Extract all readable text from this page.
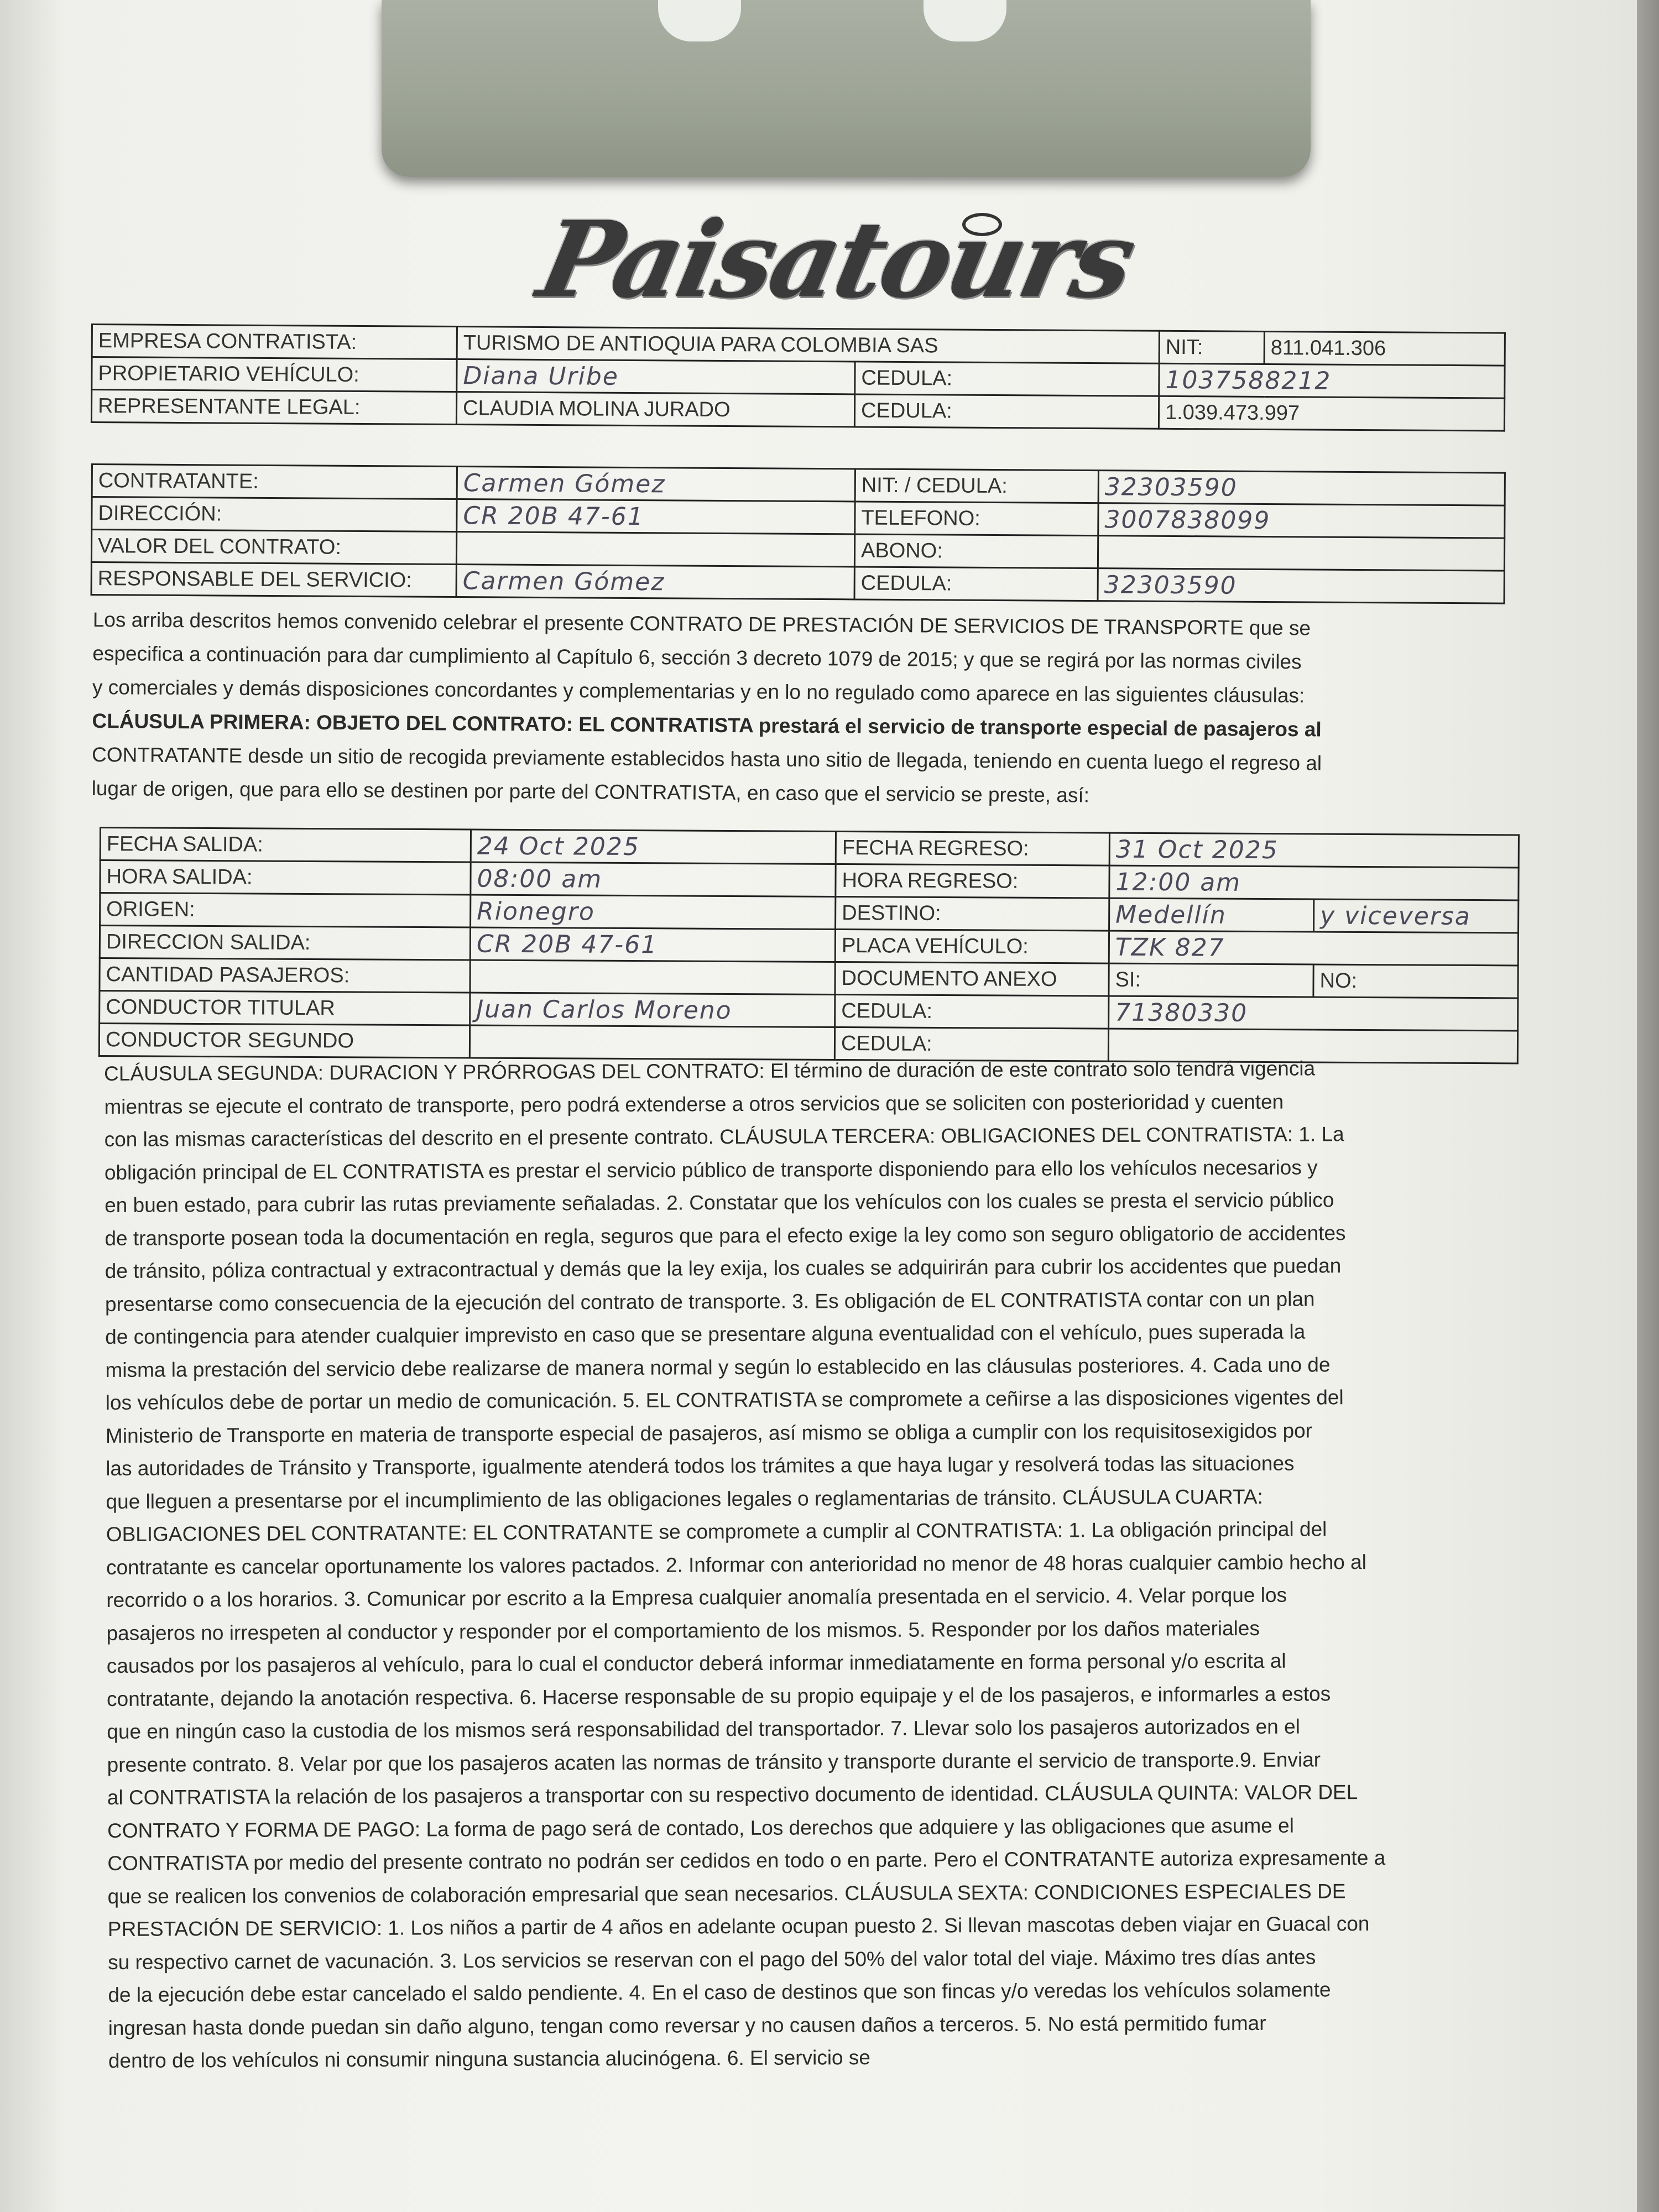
Paisatours
EMPRESA CONTRATISTA:	TURISMO DE ANTIOQUIA PARA COLOMBIA SAS		NIT:	811.041.306
PROPIETARIO VEHÍCULO:	Diana Uribe	CEDULA:	1037588212	
REPRESENTANTE LEGAL:	CLAUDIA MOLINA JURADO	CEDULA:	1.039.473.997	
CONTRATANTE:	Carmen Gómez	NIT: / CEDULA:	32303590
DIRECCIÓN:	CR 20B 47-61	TELEFONO:	3007838099
VALOR DEL CONTRATO:		ABONO:	
RESPONSABLE DEL SERVICIO:	Carmen Gómez	CEDULA:	32303590
Los arriba descritos hemos convenido celebrar el presente CONTRATO DE PRESTACIÓN DE SERVICIOS DE TRANSPORTE que se
especifica a continuación para dar cumplimiento al Capítulo 6, sección 3 decreto 1079 de 2015; y que se regirá por las normas civiles
y comerciales y demás disposiciones concordantes y complementarias y en lo no regulado como aparece en las siguientes cláusulas:
CLÁUSULA PRIMERA: OBJETO DEL CONTRATO: EL CONTRATISTA prestará el servicio de transporte especial de pasajeros al
CONTRATANTE desde un sitio de recogida previamente establecidos hasta uno sitio de llegada, teniendo en cuenta luego el regreso al
lugar de origen, que para ello se destinen por parte del CONTRATISTA, en caso que el servicio se preste, así:
FECHA SALIDA:	24 Oct 2025	FECHA REGRESO:	31 Oct 2025	
HORA SALIDA:	08:00 am	HORA REGRESO:	12:00 am	
ORIGEN:	Rionegro	DESTINO:	Medellín	y viceversa
DIRECCION SALIDA:	CR 20B 47-61	PLACA VEHÍCULO:	TZK 827	
CANTIDAD PASAJEROS:		DOCUMENTO ANEXO	SI:	NO:
CONDUCTOR TITULAR	Juan Carlos Moreno	CEDULA:	71380330	
CONDUCTOR SEGUNDO		CEDULA:		
CLÁUSULA SEGUNDA: DURACION Y PRÓRROGAS DEL CONTRATO: El término de duración de este contrato solo tendrá vigencia
mientras se ejecute el contrato de transporte, pero podrá extenderse a otros servicios que se soliciten con posterioridad y cuenten
con las mismas características del descrito en el presente contrato. CLÁUSULA TERCERA: OBLIGACIONES DEL CONTRATISTA: 1. La
obligación principal de EL CONTRATISTA es prestar el servicio público de transporte disponiendo para ello los vehículos necesarios y
en buen estado, para cubrir las rutas previamente señaladas. 2. Constatar que los vehículos con los cuales se presta el servicio público
de transporte posean toda la documentación en regla, seguros que para el efecto exige la ley como son seguro obligatorio de accidentes
de tránsito, póliza contractual y extracontractual y demás que la ley exija, los cuales se adquirirán para cubrir los accidentes que puedan
presentarse como consecuencia de la ejecución del contrato de transporte. 3. Es obligación de EL CONTRATISTA contar con un plan
de contingencia para atender cualquier imprevisto en caso que se presentare alguna eventualidad con el vehículo, pues superada la
misma la prestación del servicio debe realizarse de manera normal y según lo establecido en las cláusulas posteriores. 4. Cada uno de
los vehículos debe de portar un medio de comunicación. 5. EL CONTRATISTA se compromete a ceñirse a las disposiciones vigentes del
Ministerio de Transporte en materia de transporte especial de pasajeros, así mismo se obliga a cumplir con los requisitosexigidos por
las autoridades de Tránsito y Transporte, igualmente atenderá todos los trámites a que haya lugar y resolverá todas las situaciones
que lleguen a presentarse por el incumplimiento de las obligaciones legales o reglamentarias de tránsito. CLÁUSULA CUARTA:
OBLIGACIONES DEL CONTRATANTE: EL CONTRATANTE se compromete a cumplir al CONTRATISTA: 1. La obligación principal del
contratante es cancelar oportunamente los valores pactados. 2. Informar con anterioridad no menor de 48 horas cualquier cambio hecho al
recorrido o a los horarios. 3. Comunicar por escrito a la Empresa cualquier anomalía presentada en el servicio. 4. Velar porque los
pasajeros no irrespeten al conductor y responder por el comportamiento de los mismos. 5. Responder por los daños materiales
causados por los pasajeros al vehículo, para lo cual el conductor deberá informar inmediatamente en forma personal y/o escrita al
contratante, dejando la anotación respectiva. 6. Hacerse responsable de su propio equipaje y el de los pasajeros, e informarles a estos
que en ningún caso la custodia de los mismos será responsabilidad del transportador. 7. Llevar solo los pasajeros autorizados en el
presente contrato. 8. Velar por que los pasajeros acaten las normas de tránsito y transporte durante el servicio de transporte.9. Enviar
al CONTRATISTA la relación de los pasajeros a transportar con su respectivo documento de identidad. CLÁUSULA QUINTA: VALOR DEL
CONTRATO Y FORMA DE PAGO: La forma de pago será de contado, Los derechos que adquiere y las obligaciones que asume el
CONTRATISTA por medio del presente contrato no podrán ser cedidos en todo o en parte. Pero el CONTRATANTE autoriza expresamente a
que se realicen los convenios de colaboración empresarial que sean necesarios. CLÁUSULA SEXTA: CONDICIONES ESPECIALES DE
PRESTACIÓN DE SERVICIO: 1. Los niños a partir de 4 años en adelante ocupan puesto 2. Si llevan mascotas deben viajar en Guacal con
su respectivo carnet de vacunación. 3. Los servicios se reservan con el pago del 50% del valor total del viaje. Máximo tres días antes
de la ejecución debe estar cancelado el saldo pendiente. 4. En el caso de destinos que son fincas y/o veredas los vehículos solamente
ingresan hasta donde puedan sin daño alguno, tengan como reversar y no causen daños a terceros. 5. No está permitido fumar
dentro de los vehículos ni consumir ninguna sustancia alucinógena. 6. El servicio se
